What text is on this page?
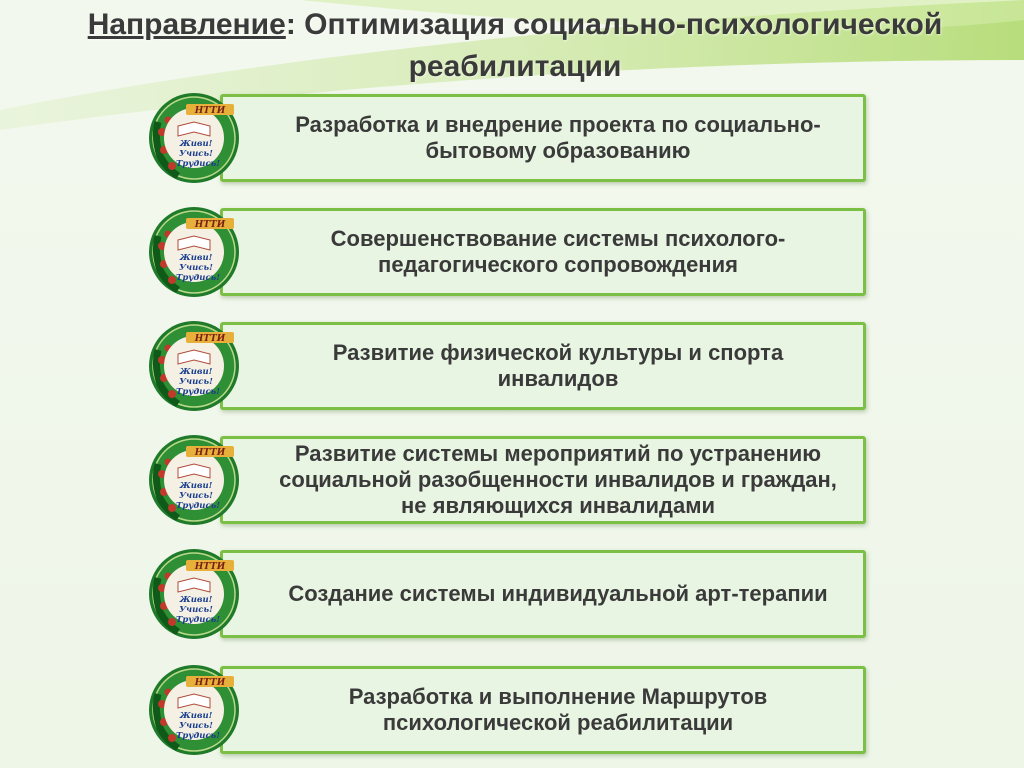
Направление: Оптимизация социально-психологической реабилитации
Разработка и внедрение проекта по социально-бытовому образованию
НТТИ
Живи!
Учись!
Трудись!
Совершенствование системы психолого-педагогического сопровождения
НТТИ
Живи!
Учись!
Трудись!
Развитие физической культуры и спорта инвалидов
НТТИ
Живи!
Учись!
Трудись!
Развитие системы мероприятий по устранению социальной разобщенности инвалидов и граждан, не являющихся инвалидами
НТТИ
Живи!
Учись!
Трудись!
Создание системы индивидуальной арт-терапии
НТТИ
Живи!
Учись!
Трудись!
Разработка и выполнение Маршрутов психологической реабилитации
НТТИ
Живи!
Учись!
Трудись!
